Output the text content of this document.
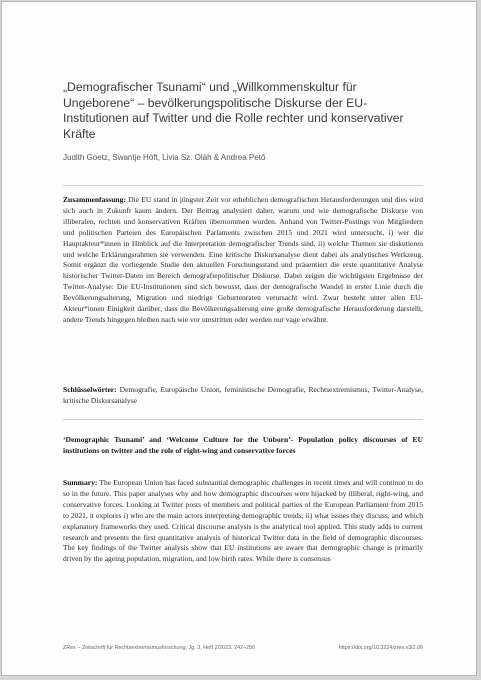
„Demografischer Tsunami“ und „Willkommenskultur für Ungeborene“ – bevölkerungspolitische Diskurse der EU-Institutionen auf Twitter und die Rolle rechter und konservativer Kräfte
Judith Goetz, Swantje Höft, Livia Sz. Oláh & Andrea Pető
Zusammenfassung: Die EU stand in jüngster Zeit vor erheblichen demografischen Herausforderungen und dies wird sich auch in Zukunft kaum ändern. Der Beitrag analysiert daher, warum und wie demografische Diskurse von illiberalen, rechten und konservativen Kräften übernommen wurden. Anhand von Twitter-Postings von Mitgliedern und politischen Parteien des Europäischen Parlaments zwischen 2015 und 2021 wird untersucht, i) wer die Hauptakteur*innen in Hinblick auf die Interpretation demografischer Trends sind, ii) welche Themen sie diskutieren und welche Erklärungsrahmen sie verwenden. Eine kritische Diskursanalyse dient dabei als analytisches Werkzeug. Somit ergänzt die vorliegende Studie den aktuellen Forschungsstand und präsentiert die erste quantitative Analyse historischer Twitter-Daten im Bereich demografiepolitischer Diskurse. Dabei zeigen die wichtigsten Ergebnisse der Twitter-Analyse: Die EU-Institutionen sind sich bewusst, dass der demografische Wandel in erster Linie durch die Bevölkerungsalterung, Migration und niedrige Geburtenraten verursacht wird. Zwar besteht unter allen EU-Akteur*innen Einigkeit darüber, dass die Bevölkerungsalterung eine große demografische Herausforderung darstellt, andere Trends hingegen bleiben nach wie vor umstritten oder werden nur vage erwähnt.
Schlüsselwörter: Demografie, Europäische Union, feministische Demografie, Rechtsextremismus, Twitter-Analyse, kritische Diskursanalyse
‘Demographic Tsunami’ and ‘Welcome Culture for the Unborn’- Population policy discourses of EU institutions on twitter and the role of right-wing and conservative forces
Summary: The European Union has faced substantial demographic challenges in recent times and will continue to do so in the future. This paper analyses why and how demographic discourses were hijacked by illiberal, right-wing, and conservative forces. Looking at Twitter posts of members and political parties of the European Parliament from 2015 to 2021, it explores i) who are the main actors interpreting demographic trends; ii) what issues they discuss, and which explanatory frameworks they used. Critical discourse analysis is the analytical tool applied. This study adds to current research and presents the first quantitative analysis of historical Twitter data in the field of demographic discourses. The key findings of the Twitter analysis show that EU institutions are aware that demographic change is primarily driven by the ageing population, migration, and low birth rates. While there is consensus
ZRex – Zeitschrift für Rechtsextremismusforschung, Jg. 3, Heft 2/2023, 242–256	https://doi.org/10.3224/zrex.v3i2.06
